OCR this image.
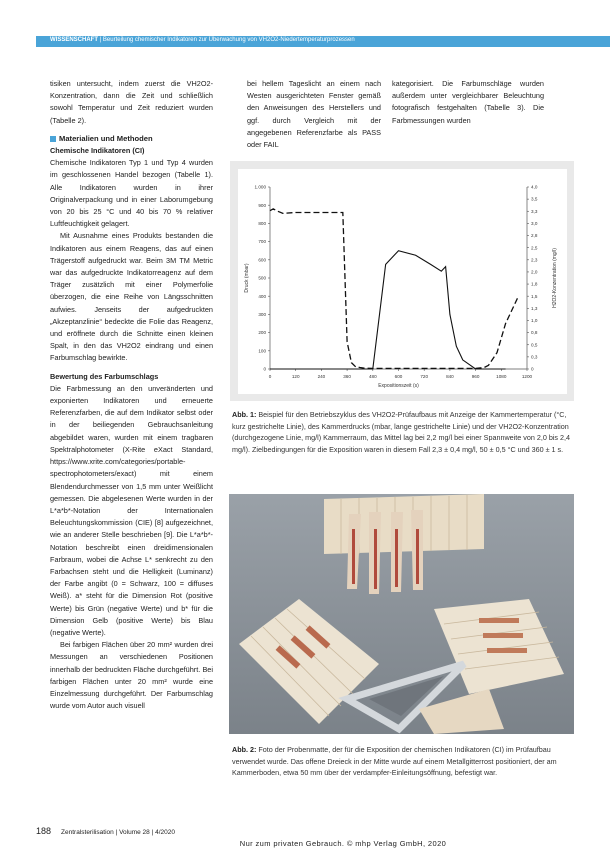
WISSENSCHAFT | Beurteilung chemischer Indikatoren zur Überwachung von VH2O2-Niedertemperaturprozessen

tisiken untersucht, indem zuerst die VH2O2-Konzentration, dann die Zeit und schließlich sowohl Temperatur und Zeit reduziert wurden (Tabelle 2).

Materialien und Methoden
Chemische Indikatoren (CI)

Chemische Indikatoren Typ 1 und Typ 4 wurden im geschlossenen Handel bezogen (Tabelle 1). Alle Indikatoren wurden in ihrer Originalverpackung und in einer Laborumgebung von 20 bis 25 °C und 40 bis 70 % relativer Luftfeuchtigkeit gelagert.

Mit Ausnahme eines Produkts bestanden die Indikatoren aus einem Reagens, das auf einen Trägerstoff aufgedruckt war. Beim 3M TM Metric war das aufgedruckte Indikatorreagenz auf dem Träger zusätzlich mit einer Polymerfolie überzogen, die eine Reihe von Längsschnitten aufwies. Jenseits der aufgedruckten „Akzeptanzlinie“ bedeckte die Folie das Reagenz, und eröffnete durch die Schnitte einen kleinen Spalt, in den das VH2O2 eindrang und einen Farbumschlag bewirkte.

Bewertung des Farbumschlags

Die Farbmessung an den unveränderten und exponierten Indikatoren und erneuerte Referenzfarben, die auf dem Indikator selbst oder in der beiliegenden Gebrauchsanleitung abgebildet waren, wurden mit einem tragbaren Spektralphotometer (X-Rite eXact Standard, https://www.xrite.com/categories/portable-spectrophotometers/exact) mit einem Blendendurchmesser von 1,5 mm unter Weißlicht gemessen. Die abgelesenen Werte wurden in der L*a*b*-Notation der Internationalen Beleuchtungskommission (CIE) [8] aufgezeichnet, wie an anderer Stelle beschrieben [9]. Die L*a*b*-Notation beschreibt einen dreidimensionalen Farbraum, wobei die Achse L* senkrecht zu den Farbachsen steht und die Helligkeit (Luminanz) der Farbe angibt (0 = Schwarz, 100 = diffuses Weiß). a* steht für die Dimension Rot (positive Werte) bis Grün (negative Werte) und b* für die Dimension Gelb (positive Werte) bis Blau (negative Werte).

Bei farbigen Flächen über 20 mm² wurden drei Messungen an verschiedenen Positionen innerhalb der bedruckten Fläche durchgeführt. Bei farbigen Flächen unter 20 mm² wurde eine Einzelmessung durchgeführt. Der Farbumschlag wurde vom Autor auch visuell

bei hellem Tageslicht an einem nach Westen ausgerichteten Fenster gemäß den Anweisungen des Herstellers und ggf. durch Vergleich mit der angegebenen Referenzfarbe als PASS oder FAIL

kategorisiert. Die Farbumschläge wurden außerdem unter vergleichbarer Beleuchtung fotografisch festgehalten (Tabelle 3). Die Farbmessungen wurden

0	120	240	360	480	600	720	840	960	1080	1200
0
100
200
300
400
500
600
700
800
900
1.000
0
0,3
0,5
0,8
1,0
1,3
1,5
1,8
2,0
2,3
2,5
2,8
3,0
3,3
3,5
4,0
Expositionszeit (s)
Druck (mbar)	H2O2-Konzentration (mg/l)
Abb. 1: Beispiel für den Betriebszyklus des VH2O2-Prüfaufbaus mit Anzeige der Kammertemperatur (°C, kurz gestrichelte Linie), des Kammerdrucks (mbar, lange gestrichelte Linie) und der VH2O2-Konzentration (durchgezogene Linie, mg/l) Kammerraum, das Mittel lag bei 2,2 mg/l bei einer Spannweite von 2,0 bis 2,4 mg/l). Zielbedingungen für die Exposition waren in diesem Fall 2,3 ± 0,4 mg/l, 50 ± 0,5 °C und 360 ± 1 s.
Abb. 2: Foto der Probenmatte, der für die Exposition der chemischen Indikatoren (CI) im Prüfaufbau verwendet wurde. Das offene Dreieck in der Mitte wurde auf einem Metallgitterrost positioniert, der am Kammerboden, etwa 50 mm über der verdampfer-Einleitungsöffnung, befestigt war.
188 Zentralsterilisation | Volume 28 | 4/2020
Nur zum privaten Gebrauch. © mhp Verlag GmbH, 2020
